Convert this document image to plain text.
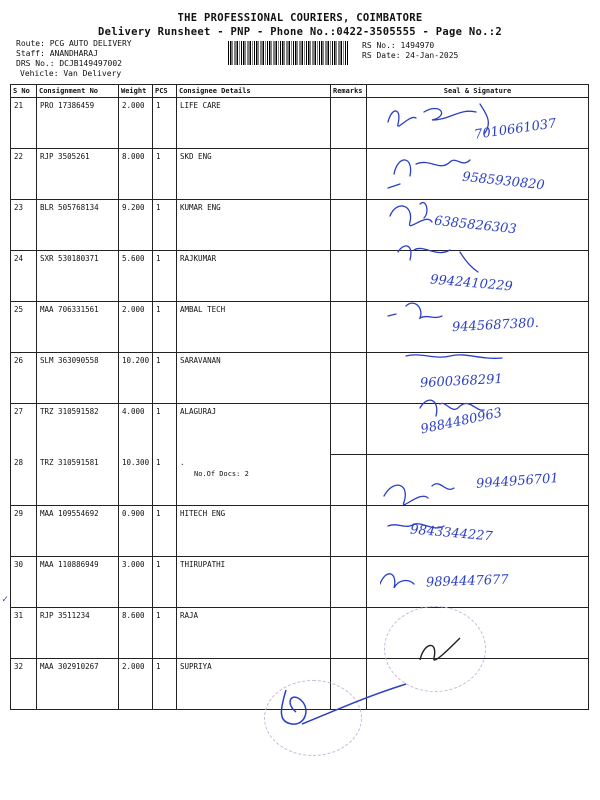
THE PROFESSIONAL COURIERS, COIMBATORE
Delivery Runsheet - PNP - Phone No.:0422-3505555 - Page No.:2
Route: PCG AUTO DELIVERY
Staff: ANANDHARAJ
DRS No.: DCJB149497002
Vehicle: Van Delivery
RS No.: 1494970
RS Date: 24-Jan-2025
S No	Consignment No	Weight	PCS	Consignee Details	Remarks	Seal & Signature
21	PRO 17386459	2.000	1	LIFE CARE		
22	RJP 3505261	8.000	1	SKD ENG		
23	BLR 505768134	9.200	1	KUMAR ENG		
24	SXR 530180371	5.600	1	RAJKUMAR		
25	MAA 706331561	2.000	1	AMBAL TECH		
26	SLM 363090558	10.200	1	SARAVANAN		
27	TRZ 310591582	4.000	1	ALAGURAJ		
28	TRZ 310591581	10.300	1	.
No.Of Docs: 2		

29	MAA 109554692	0.900	1	HITECH ENG		
30	MAA 110886949	3.000	1	THIRUPATHI		
31	RJP 3511234	8.600	1	RAJA		
32	MAA 302910267	2.000	1	SUPRIYA		
7010661037
9585930820
6385826303
9942410229
9445687380.
9600368291
9884480963
9944956701
9843344227
9894447677
✓
